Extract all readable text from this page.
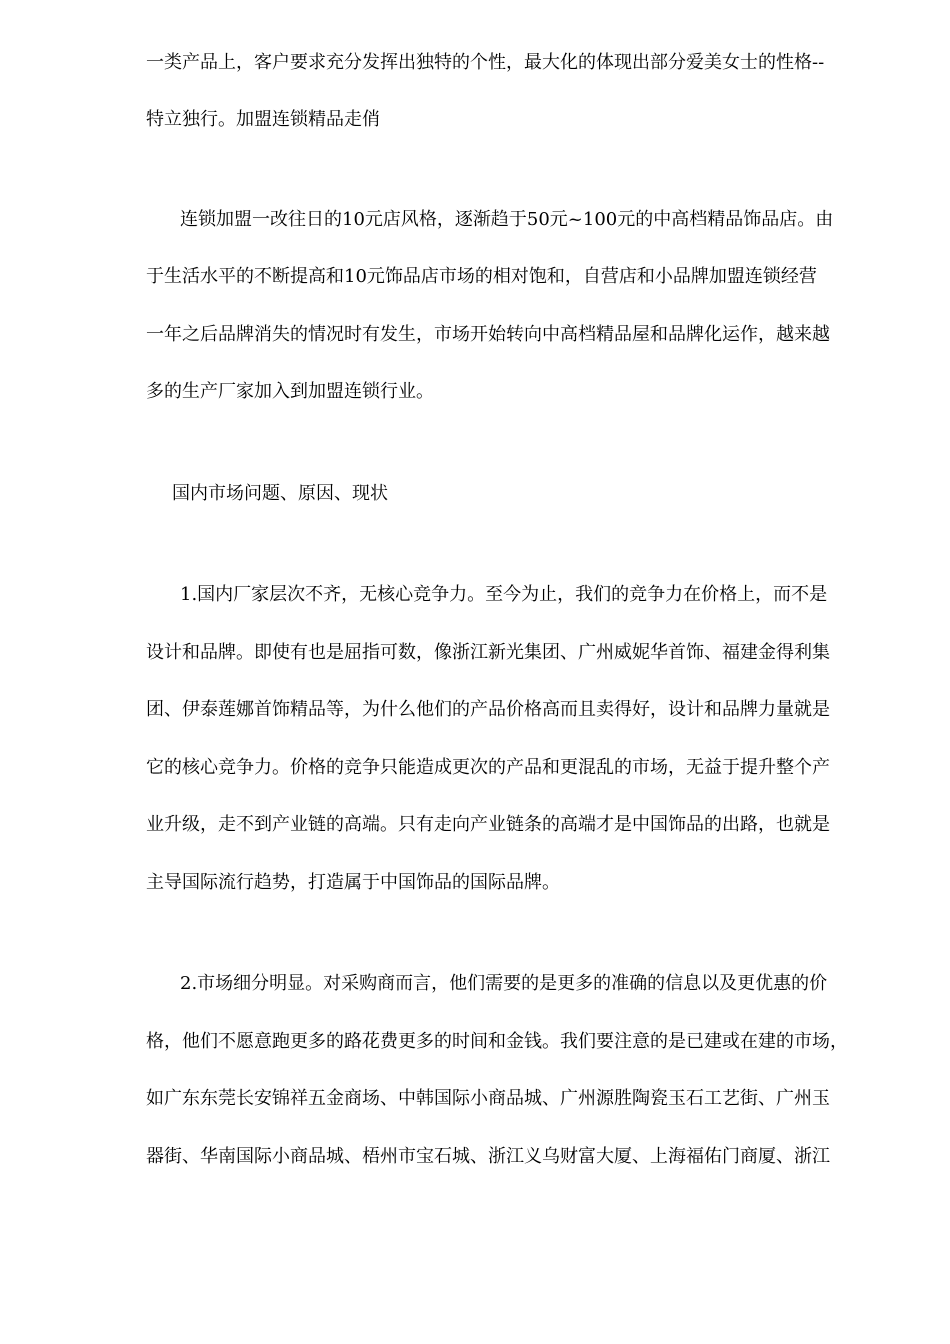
一类产品上，客户要求充分发挥出独特的个性，最大化的体现出部分爱美女士的性格--
特立独行。加盟连锁精品走俏
连锁加盟一改往日的10元店风格，逐渐趋于50元~100元的中高档精品饰品店。由
于生活水平的不断提高和10元饰品店市场的相对饱和，自营店和小品牌加盟连锁经营
一年之后品牌消失的情况时有发生，市场开始转向中高档精品屋和品牌化运作，越来越
多的生产厂家加入到加盟连锁行业。
国内市场问题、原因、现状
1.国内厂家层次不齐，无核心竞争力。至今为止，我们的竞争力在价格上，而不是
设计和品牌。即使有也是屈指可数，像浙江新光集团、广州威妮华首饰、福建金得利集
团、伊泰莲娜首饰精品等，为什么他们的产品价格高而且卖得好，设计和品牌力量就是
它的核心竞争力。价格的竞争只能造成更次的产品和更混乱的市场，无益于提升整个产
业升级，走不到产业链的高端。只有走向产业链条的高端才是中国饰品的出路，也就是
主导国际流行趋势，打造属于中国饰品的国际品牌。
2.市场细分明显。对采购商而言，他们需要的是更多的准确的信息以及更优惠的价
格，他们不愿意跑更多的路花费更多的时间和金钱。我们要注意的是已建或在建的市场，
如广东东莞长安锦祥五金商场、中韩国际小商品城、广州源胜陶瓷玉石工艺街、广州玉
器街、华南国际小商品城、梧州市宝石城、浙江义乌财富大厦、上海福佑门商厦、浙江
